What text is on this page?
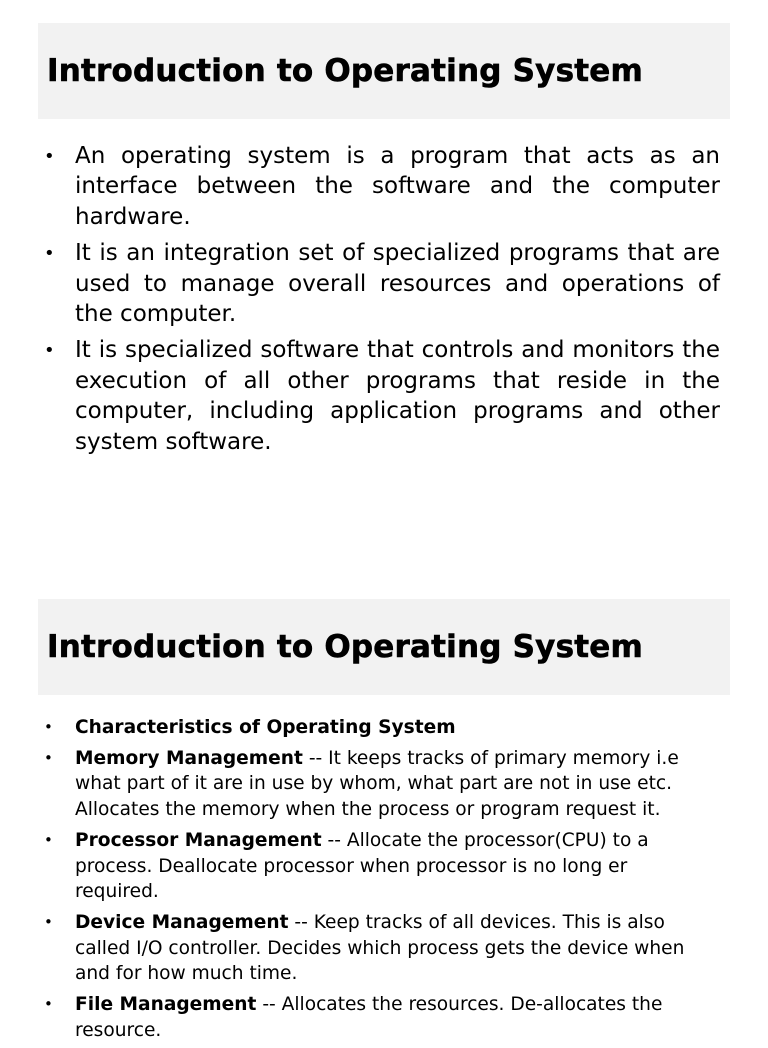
Introduction to Operating System
• An operating system is a program that acts as an interface between the software and the computer hardware.
• It is an integration set of specialized programs that are used to manage overall resources and operations of the computer.
• It is specialized software that controls and monitors the execution of all other programs that reside in the computer, including application programs and other system software.
Introduction to Operating System
• Characteristics of Operating System
• Memory Management -- It keeps tracks of primary memory i.e what part of it are in use by whom, what part are not in use etc. Allocates the memory when the process or program request it.
• Processor Management -- Allocate the processor(CPU) to a process. Deallocate processor when processor is no long er required.
• Device Management -- Keep tracks of all devices. This is also called I/O controller. Decides which process gets the device when and for how much time.
• File Management -- Allocates the resources. De-allocates the resource.
